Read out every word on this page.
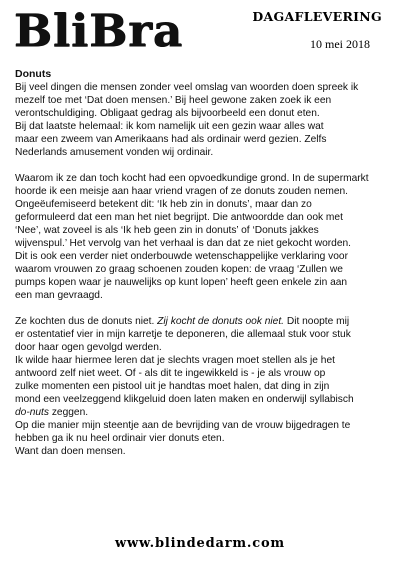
BliBra	DAGAFLEVERING
10 mei 2018
Donuts

Bij veel dingen die mensen zonder veel omslag van woorden doen spreek ik
mezelf toe met ‘Dat doen mensen.’ Bij heel gewone zaken zoek ik een
verontschuldiging. Obligaat gedrag als bijvoorbeeld een donut eten.
Bij dat laatste helemaal: ik kom namelijk uit een gezin waar alles wat
maar een zweem van Amerikaans had als ordinair werd gezien. Zelfs
Nederlands amusement vonden wij ordinair.

Waarom ik ze dan toch kocht had een opvoedkundige grond. In de supermarkt
hoorde ik een meisje aan haar vriend vragen of ze donuts zouden nemen.
Ongeëufemiseerd betekent dit: ‘Ik heb zin in donuts’, maar dan zo
geformuleerd dat een man het niet begrijpt. Die antwoordde dan ook met
‘Nee’, wat zoveel is als ‘Ik heb geen zin in donuts’ of ‘Donuts jakkes
wijvenspul.’ Het vervolg van het verhaal is dan dat ze niet gekocht worden.
Dit is ook een verder niet onderbouwde wetenschappelijke verklaring voor
waarom vrouwen zo graag schoenen zouden kopen: de vraag ‘Zullen we
pumps kopen waar je nauwelijks op kunt lopen’ heeft geen enkele zin aan
een man gevraagd.

Ze kochten dus de donuts niet. Zij kocht de donuts ook niet. Dit noopte mij
er ostentatief vier in mijn karretje te deponeren, die allemaal stuk voor stuk
door haar ogen gevolgd werden.
Ik wilde haar hiermee leren dat je slechts vragen moet stellen als je het
antwoord zelf niet weet. Of - als dit te ingewikkeld is - je als vrouw op
zulke momenten een pistool uit je handtas moet halen, dat ding in zijn
mond een veelzeggend klikgeluid doen laten maken en onderwijl syllabisch
do-nuts zeggen.
Op die manier mijn steentje aan de bevrijding van de vrouw bijgedragen te
hebben ga ik nu heel ordinair vier donuts eten.
Want dan doen mensen.

www.blindedarm.com
